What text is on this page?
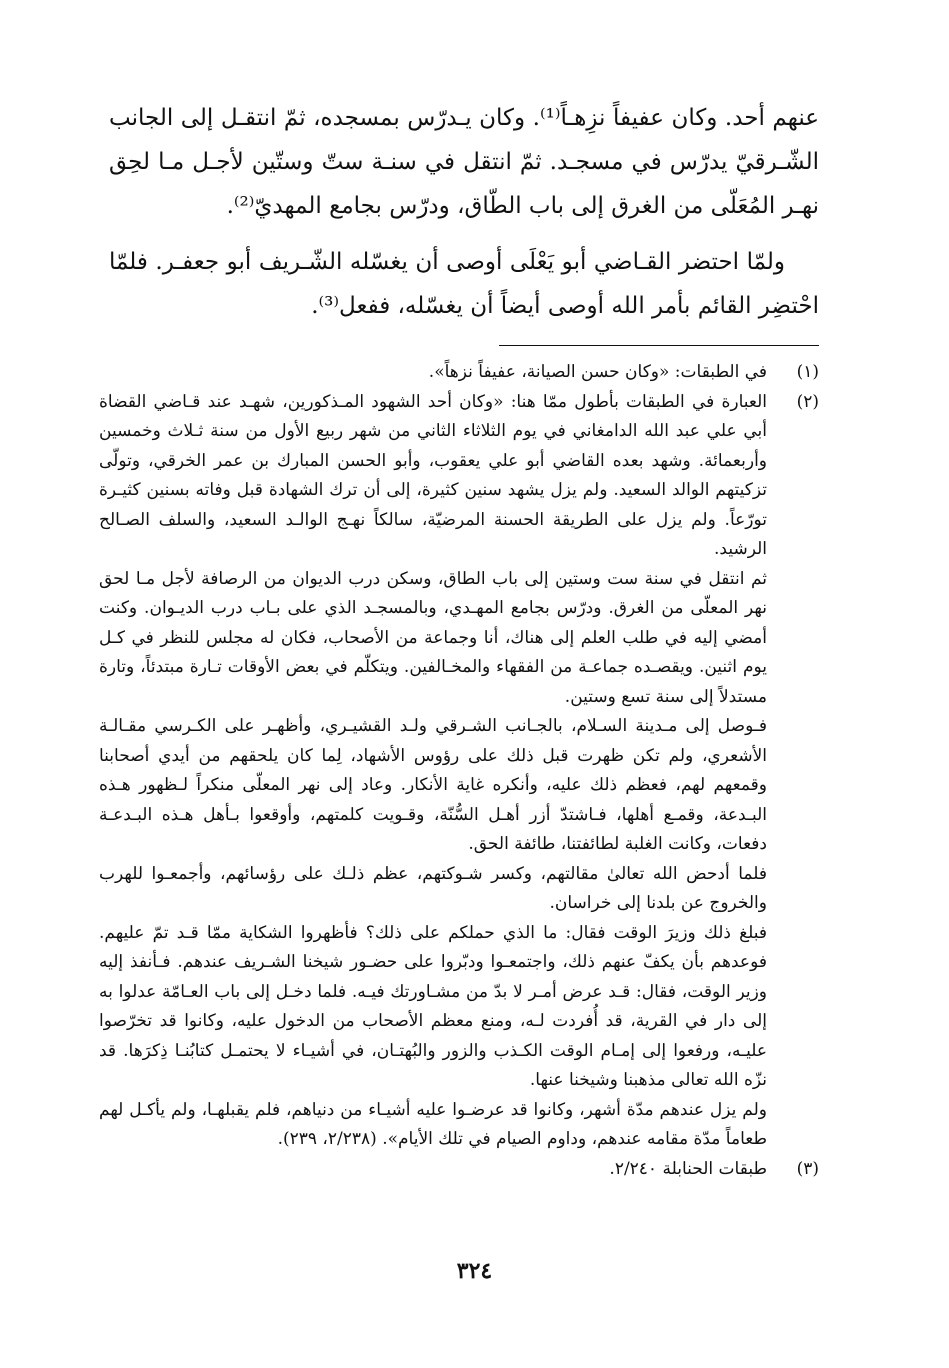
عنهم أحد. وكان عفيفاً نزِهـاً⁽¹⁾. وكان يـدرّس بمسجده، ثمّ انتقـل إلى الجانب الشّـرقيّ يدرّس في مسجـد. ثمّ انتقل في سنـة ستّ وستّين لأجـل مـا لحِق نهـر المُعَلّى من الغرق إلى باب الطّاق، ودرّس بجامع المهديّ⁽²⁾.

ولمّا احتضر القـاضي أبو يَعْلَى أوصى أن يغسّله الشّـريف أبو جعفـر. فلمّا احْتضِر القائم بأمر الله أوصى أيضاً أن يغسّله، ففعل⁽³⁾.

(١)

في الطبقات: «وكان حسن الصيانة، عفيفاً نزهاً».

(٢)

العبارة في الطبقات بأطول ممّا هنا: «وكان أحد الشهود المـذكورين، شهـد عند قـاضي القضاة أبي علي عبد الله الدامغاني في يوم الثلاثاء الثاني من شهر ربيع الأول من سنة ثـلاث وخمسين وأربعمائة. وشهد بعده القاضي أبو علي يعقوب، وأبو الحسن المبارك بن عمر الخرقي، وتولّى تزكيتهم الوالد السعيد. ولم يزل يشهد سنين كثيرة، إلى أن ترك الشهادة قبل وفاته بسنين كثيـرة تورّعاً. ولم يزل على الطريقة الحسنة المرضيّة، سالكاً نهـج الوالـد السعيد، والسلف الصـالح الرشيد.

ثم انتقل في سنة ست وستين إلى باب الطاق، وسكن درب الديوان من الرصافة لأجل مـا لحق نهر المعلّى من الغرق. ودرّس بجامع المهـدي، وبالمسجـد الذي على بـاب درب الديـوان. وكنت أمضي إليه في طلب العلم إلى هناك، أنا وجماعة من الأصحاب، فكان له مجلس للنظر في كـل يوم اثنين. ويقصـده جماعـة من الفقهاء والمخـالفين. ويتكلّم في بعض الأوقات تـارة مبتدئاً، وتارة مستدلاً إلى سنة تسع وستين.

فـوصل إلى مـدينة السـلام، بالجـانب الشـرقي ولـد القشيـري، وأظهـر على الكـرسي مقـالـة الأشعري، ولم تكن ظهرت قبل ذلك على رؤوس الأشهاد، لِما كان يلحقهم من أيدي أصحابنا وقمعهم لهم، فعظم ذلك عليه، وأنكره غاية الأنكار. وعاد إلى نهر المعلّى منكراً لـظهور هـذه البـدعة، وقمـع أهلها، فـاشتدّ أزر أهـل السُّنّة، وقـويت كلمتهم، وأوقعوا بـأهل هـذه البـدعـة دفعات، وكانت الغلبة لطائفتنا، طائفة الحق.

فلما أدحض الله تعالىٰ مقالتهم، وكسر شـوكتهم، عظم ذلـك على رؤسائهم، وأجمعـوا للهرب والخروج عن بلدنا إلى خراسان.

فبلغ ذلك وزيرَ الوقت فقال: ما الذي حملكم على ذلك؟ فأظهروا الشكاية ممّا قـد تمّ عليهم. فوعدهم بأن يكفّ عنهم ذلك، واجتمعـوا ودبّروا على حضـور شيخنا الشـريف عندهم. فـأنفذ إليه وزير الوقت، فقال: قـد عرض أمـر لا بدّ من مشـاورتك فيـه. فلما دخـل إلى باب العـامّة عدلوا به إلى دار في القرية، قد أُفردت لـه، ومنع معظم الأصحاب من الدخول عليه، وكانوا قد تخرّصوا عليـه، ورفعوا إلى إمـام الوقت الكـذب والزور والبُهتـان، في أشيـاء لا يحتمـل كتابُنـا ذِكرَها. قد نزّه الله تعالى مذهبنا وشيخنا عنها.

ولم يزل عندهم مدّة أشهر، وكانوا قد عرضـوا عليه أشيـاء من دنياهم، فلم يقبلهـا، ولم يأكـل لهم طعاماً مدّة مقامه عندهم، وداوم الصيام في تلك الأيام». (٢/٢٣٨، ٢٣٩).

(٣)

طبقات الحنابلة ٢/٢٤٠.

٣٢٤
